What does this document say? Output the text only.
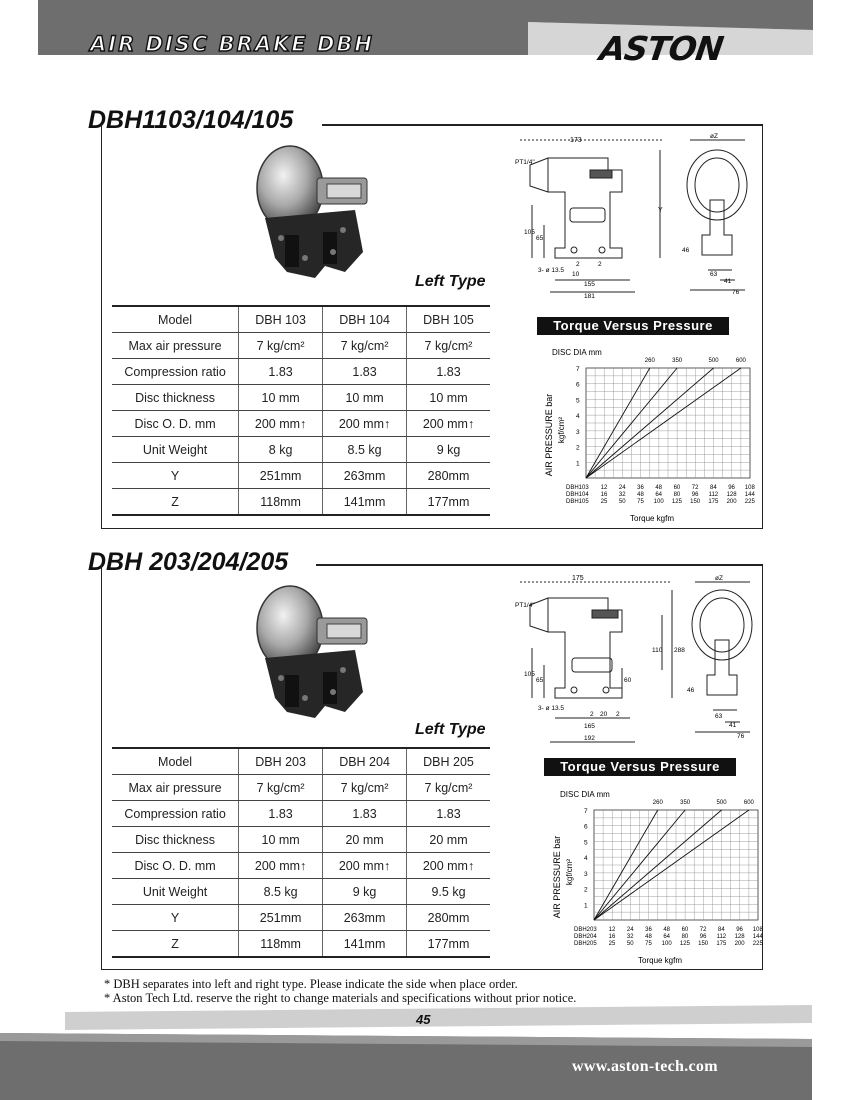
AIR DISC BRAKE DBH	ASTON
DBH1103/104/105
Left Type
Model	DBH 103	DBH 104	DBH 105
Max air pressure	7 kg/cm²	7 kg/cm²	7 kg/cm²
Compression ratio	1.83	1.83	1.83
Disc thickness	10 mm	10 mm	10 mm
Disc O. D. mm	200 mm↑	200 mm↑	200 mm↑
Unit Weight	8 kg	8.5 kg	9 kg
Y	251mm	263mm	280mm
Z	118mm	141mm	177mm
173
PT1/4"
Y
105
65
2	2
10
3- ø 13.5
155
181
øZ
46
63
41
76
Torque Versus Pressure
DISC DIA mm
1
2
3
4
5
6
7
260	350	500	600
DBH103 12 24 36 48 60 72 84 96 108
DBH104 16 32 48 64 80 96 112 128 144
DBH105 25 50 75 100 125 150 175 200 225
AIR PRESSURE bar kgf/cm²
Torque kgfm
DBH 203/204/205
Left Type
Model	DBH 203	DBH 204	DBH 205
Max air pressure	7 kg/cm²	7 kg/cm²	7 kg/cm²
Compression ratio	1.83	1.83	1.83
Disc thickness	10 mm	20 mm	20 mm
Disc O. D. mm	200 mm↑	200 mm↑	200 mm↑
Unit Weight	8.5 kg	9 kg	9.5 kg
Y	251mm	263mm	280mm
Z	118mm	141mm	177mm
175
PT1/4"
110 288
105
65	60
2 20 2
3- ø 13.5
165
192
øZ
46
63
41
76
Torque Versus Pressure
DISC DIA mm
1
2
3
4
5
6
7
260	350	500	600
DBH203 12 24 36 48 60 72 84 96 108
DBH204 16 32 48 64 80 96 112 128 144
DBH205 25 50 75 100 125 150 175 200 225
AIR PRESSURE bar kgf/cm²
Torque kgfm
* DBH separates into left and right type. Please indicate the side when place order.
* Aston Tech Ltd. reserve the right to change materials and specifications without prior notice.
45
www.aston-tech.com
